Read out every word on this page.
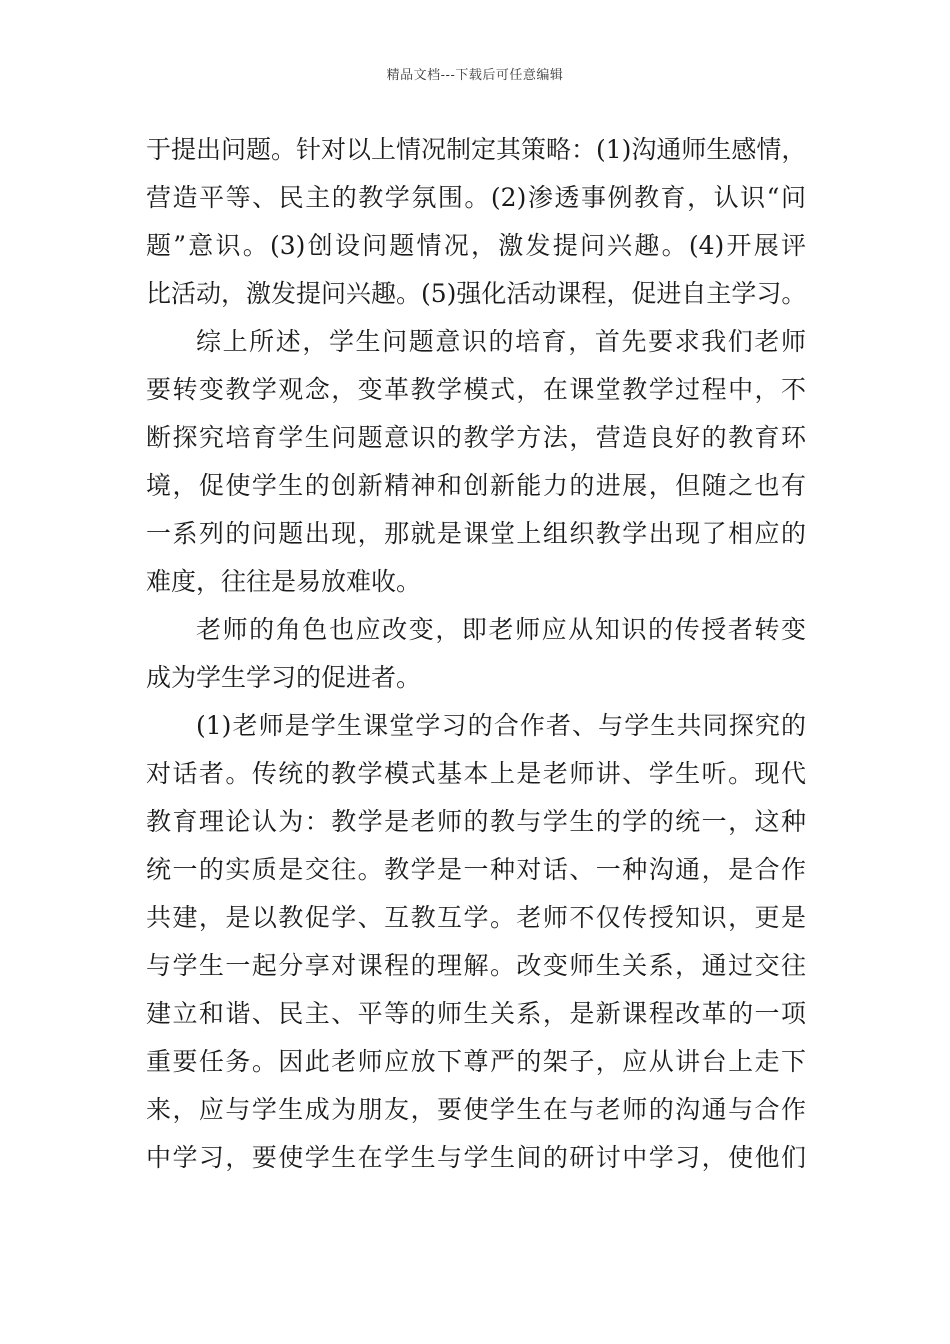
精品文档---下载后可任意编辑
于提出问题。针对以上情况制定其策略：(1)沟通师生感情，
营造平等、民主的教学氛围。(2)渗透事例教育，认识“问
题”意识。(3)创设问题情况，激发提问兴趣。(4)开展评
比活动，激发提问兴趣。(5)强化活动课程，促进自主学习。
综上所述，学生问题意识的培育，首先要求我们老师
要转变教学观念，变革教学模式，在课堂教学过程中，不
断探究培育学生问题意识的教学方法，营造良好的教育环
境，促使学生的创新精神和创新能力的进展，但随之也有
一系列的问题出现，那就是课堂上组织教学出现了相应的
难度，往往是易放难收。
老师的角色也应改变，即老师应从知识的传授者转变
成为学生学习的促进者。
(1)老师是学生课堂学习的合作者、与学生共同探究的
对话者。传统的教学模式基本上是老师讲、学生听。现代
教育理论认为：教学是老师的教与学生的学的统一，这种
统一的实质是交往。教学是一种对话、一种沟通，是合作
共建，是以教促学、互教互学。老师不仅传授知识，更是
与学生一起分享对课程的理解。改变师生关系，通过交往
建立和谐、民主、平等的师生关系，是新课程改革的一项
重要任务。因此老师应放下尊严的架子，应从讲台上走下
来，应与学生成为朋友，要使学生在与老师的沟通与合作
中学习，要使学生在学生与学生间的研讨中学习，使他们
